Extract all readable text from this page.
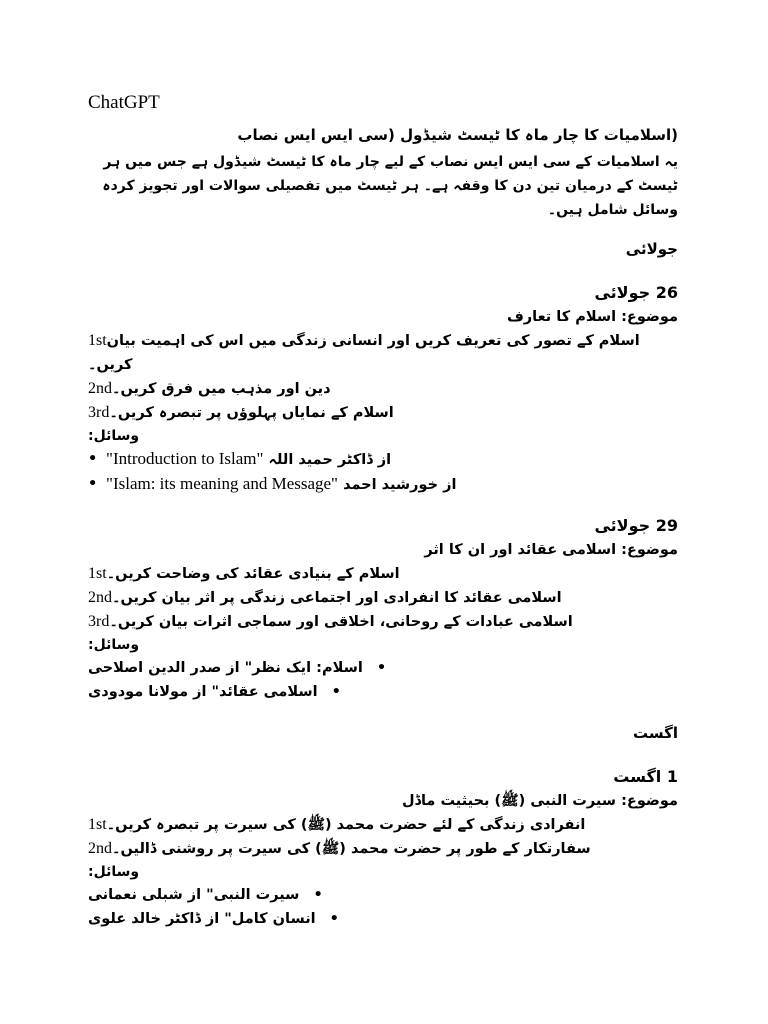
ChatGPT
(اسلامیات کا چار ماہ کا ٹیسٹ شیڈول (سی ایس ایس نصاب
یہ اسلامیات کے سی ایس ایس نصاب کے لیے چار ماہ کا ٹیسٹ شیڈول ہے جس میں ہر ٹیسٹ کے درمیان تین دن کا وقفہ ہے۔ ہر ٹیسٹ میں تفصیلی سوالات اور تجویز کردہ وسائل شامل ہیں۔
جولائی
26 جولائی
موضوع: اسلام کا تعارف
1stاسلام کے تصور کی تعریف کریں اور انسانی زندگی میں اس کی اہمیت بیان کریں۔
2ndدین اور مذہب میں فرق کریں۔
3rdاسلام کے نمایاں پہلوؤں پر تبصرہ کریں۔
وسائل:
• "Introduction to Islam" از ڈاکٹر حمید اللہ
• "Islam: its meaning and Message" از خورشید احمد
29 جولائی
موضوع: اسلامی عقائد اور ان کا اثر
1stاسلام کے بنیادی عقائد کی وضاحت کریں۔
2ndاسلامی عقائد کا انفرادی اور اجتماعی زندگی پر اثر بیان کریں۔
3rdاسلامی عبادات کے روحانی، اخلاقی اور سماجی اثرات بیان کریں۔
وسائل:
اسلام: ایک نظر" از صدر الدین اصلاحی •
اسلامی عقائد" از مولانا مودودی •
اگست
1 اگست
موضوع: سیرت النبی (ﷺ) بحیثیت ماڈل
1stانفرادی زندگی کے لئے حضرت محمد (ﷺ) کی سیرت پر تبصرہ کریں۔
2ndسفارتکار کے طور پر حضرت محمد (ﷺ) کی سیرت پر روشنی ڈالیں۔
وسائل:
سیرت النبی" از شبلی نعمانی •
انسان کامل" از ڈاکٹر خالد علوی •
